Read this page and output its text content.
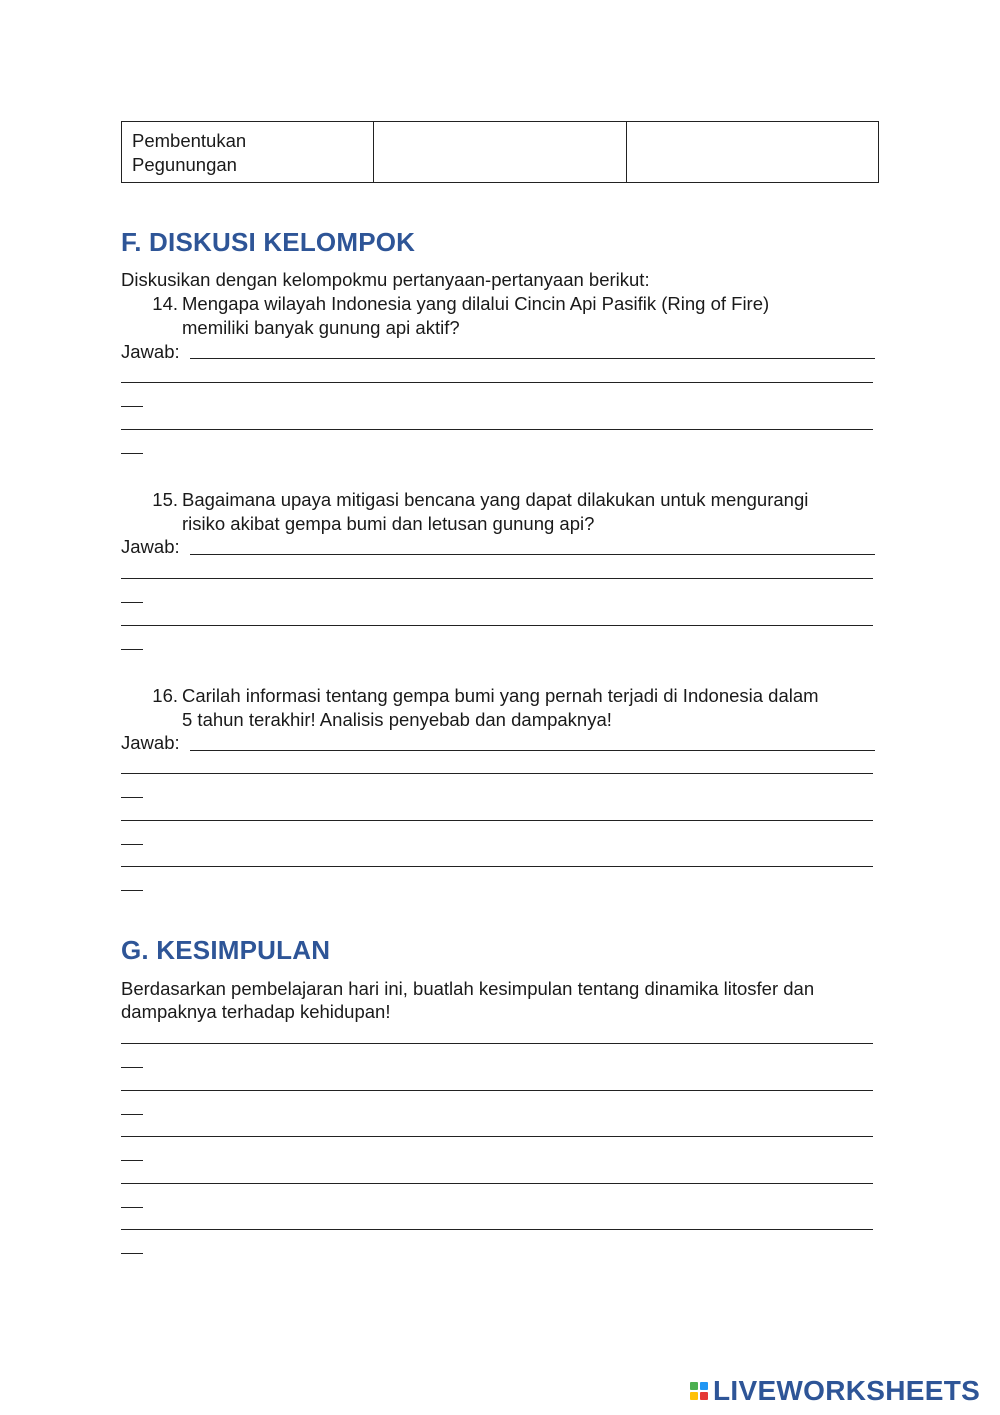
Pembentukan
Pegunungan
F. DISKUSI KELOMPOK
Diskusikan dengan kelompokmu pertanyaan-pertanyaan berikut:
14. Mengapa wilayah Indonesia yang dilalui Cincin Api Pasifik (Ring of Fire)
memiliki banyak gunung api aktif?
Jawab:
15. Bagaimana upaya mitigasi bencana yang dapat dilakukan untuk mengurangi
risiko akibat gempa bumi dan letusan gunung api?
Jawab:
16. Carilah informasi tentang gempa bumi yang pernah terjadi di Indonesia dalam
5 tahun terakhir! Analisis penyebab dan dampaknya!
Jawab:
G. KESIMPULAN
Berdasarkan pembelajaran hari ini, buatlah kesimpulan tentang dinamika litosfer dan
dampaknya terhadap kehidupan!
LIVEWORKSHEETS
